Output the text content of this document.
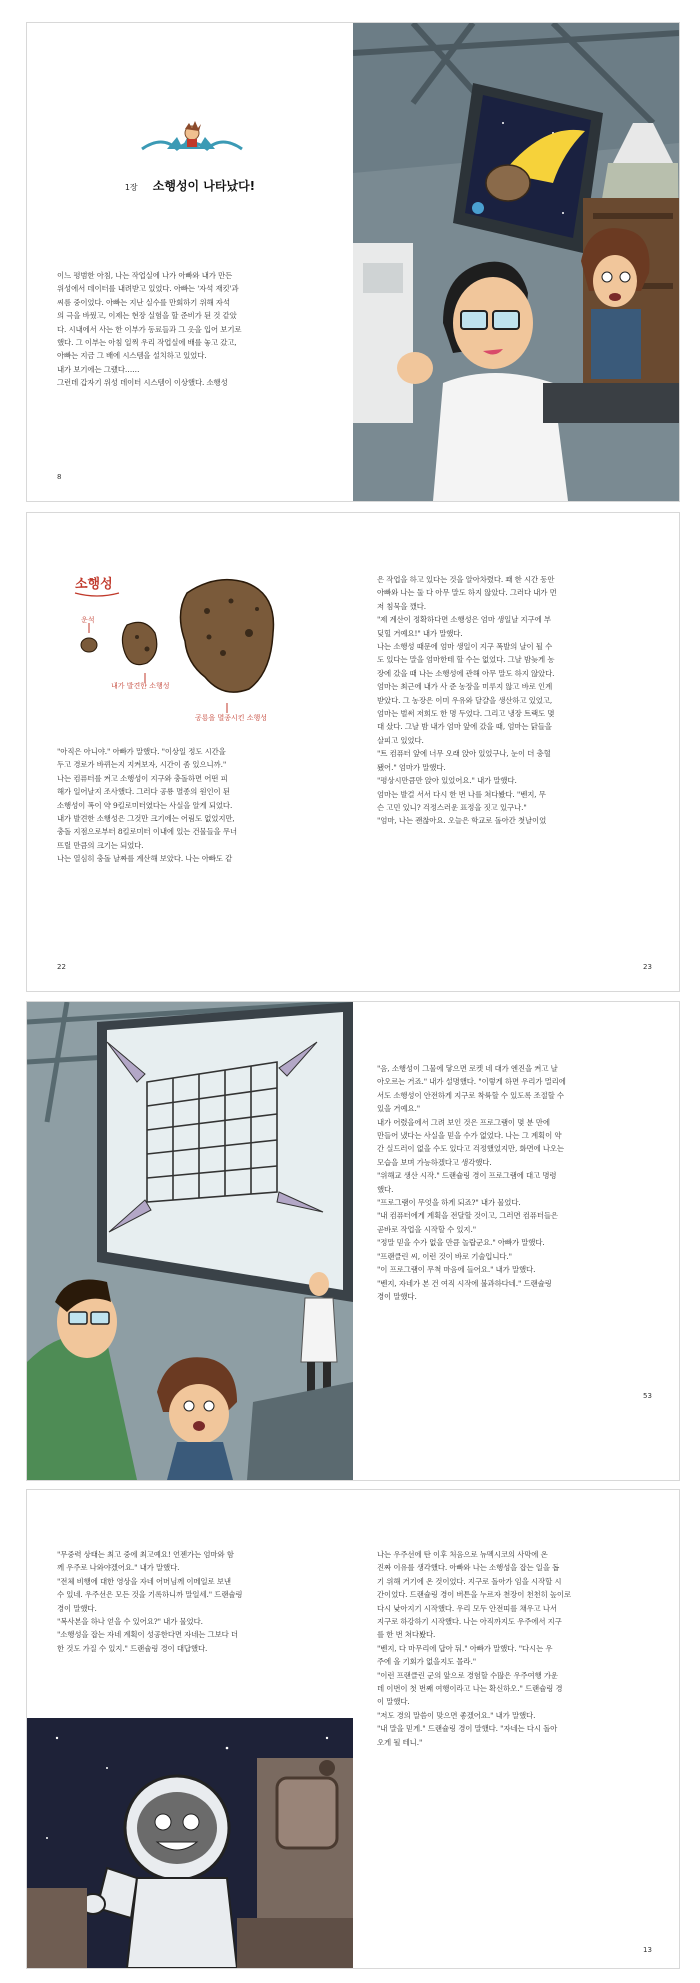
1장 소행성이 나타났다!

이느 평범한 아침, 나는 작업실에 나가 아빠와 내가 만든
위성에서 데이터를 내려받고 있었다. 아빠는 '자석 재킷'과
씨름 중이었다. 아빠는 지난 실수를 만회하기 위해 자석
의 극을 바꿨고, 이제는 현장 실험을 할 준비가 된 것 같았
다. 시내에서 사는 한 이부가 동료들과 그 옷을 입어 보기로
했다. 그 이부는 아침 일찍 우리 작업실에 배를 놓고 갔고,
아빠는 지금 그 배에 시스템을 설치하고 있었다.
내가 보기에는 그랬다……
그런데 갑자기 위성 데이터 시스템이 이상했다. 소행성

8
소행성
운석
내가 발견한 소행성
공룡을 멸종시킨 소행성

"아직은 아니야." 아빠가 말했다. "이상일 정도 시간을
두고 경로가 바뀌는지 지켜보자, 시간이 좀 있으니까."
나는 컴퓨터를 켜고 소행성이 지구와 충돌하면 어떤 피
해가 일어날지 조사했다. 그러다 공룡 멸종의 원인이 된
소행성이 폭이 약 9킬로미터였다는 사실을 알게 되었다.
내가 발견한 소행성은 그것만 크기에는 어림도 없었지만,
충돌 지점으로부터 8킬로미터 이내에 있는 건물들을 무너
뜨릴 만큼의 크기는 되었다.
나는 열심히 충돌 날짜를 계산해 보았다. 나는 아빠도 같

22

은 작업을 하고 있다는 것을 알아차렸다. 꽤 한 시간 동안
아빠와 나는 둘 다 아무 말도 하지 않았다. 그러다 내가 먼
저 침묵을 깼다.
"제 계산이 정확하다면 소행성은 엄마 생일날 지구에 부
딪힐 거예요!" 내가 말했다.
나는 소행성 때문에 엄마 생일이 지구 폭발의 날이 될 수
도 있다는 말을 엄마한테 할 수는 없었다. 그날 밤늦게 농
장에 갔을 때 나는 소행성에 관해 아무 말도 하지 않았다.
엄마는 최근에 내가 사 준 농장을 미루지 않고 바로 인계
받았다. 그 농장은 이미 우유와 달걀을 생산하고 있었고,
엄마는 벌써 저희도 한 명 두었다. 그리고 냉장 트랙도 몇
대 샀다. 그날 밤 내가 엄마 앞에 갔을 때, 엄마는 닭들을
살피고 있었다.
"트 컴퓨터 앞에 너무 오래 앉아 있었구나, 눈이 더 충혈
됐어." 엄마가 말했다.
"평상시만큼만 앉아 있었어요." 내가 말했다.
엄마는 발걸 서서 다시 한 번 나를 쳐다봤다. "벤지, 무
슨 고민 있니? 걱정스러운 표정을 짓고 있구나."
"엄마, 나는 괜찮아요. 오늘은 학교로 돌아간 첫날이었

23

"음, 소행성이 그물에 닿으면 로켓 네 대가 엔진을 켜고 날
아오르는 거죠." 내가 설명했다. "이렇게 하면 우리가 멀리에
서도 소행성이 안전하게 지구로 착륙할 수 있도록 조절할 수
있을 거예요."
내가 어렸을에서 그려 보인 것은 프로그램이 몇 분 만에
만들어 냈다는 사실을 믿을 수가 없었다. 나는 그 계획이 약
간 실드러이 없을 수도 있다고 걱정했었지만, 화면에 나오는
모습을 보며 가능하겠다고 생각했다.
"위해교 생산 시작." 드랜슐링 경이 프로그램에 대고 명령
했다.
"프로그램이 무엇을 하게 되죠?" 내가 물었다.
"내 컴퓨터에게 계획을 전달할 것이고, 그러면 컴퓨터들은
곧바로 작업을 시작할 수 있지."
"정말 믿을 수가 없을 만큼 놀랍군요." 아빠가 말했다.
"프랜클린 씨, 이런 것이 바로 기술입니다."
"이 프로그램이 무척 마음에 들어요." 내가 말했다.
"벤지, 자네가 본 건 여직 시작에 불과하다네." 드랜슐링
경이 말했다.

53

"무중력 상태는 최고 중에 최고예요! 언젠가는 엄마와 함
께 우주로 나와야겠어요." 내가 말했다.
"전체 비행에 대한 영상을 자네 어머님께 이메일로 보낸
수 있네. 우주선은 모든 것을 기록하니까 말일세." 드랜슐링
경이 말했다.
"복사본을 하나 얻을 수 있어요?" 내가 물었다.
"소행성을 잡는 자네 계획이 성공한다면 자네는 그보다 더
한 것도 가질 수 있지." 드랜슐링 경이 대답했다.

나는 우주선에 탄 이후 처음으로 뉴멕시코의 사막에 온
진짜 이유를 생각했다. 아빠와 나는 소행성을 잡는 일을 돕
기 위해 거기에 온 것이었다. 지구로 돌아가 임을 시작할 시
간이었다. 드랜슐링 경이 버튼을 누르자 천장이 천천히 높이로
다시 낮아지기 시작했다. 우리 모두 안전띠를 채우고 나서
지구로 하강하기 시작했다. 나는 아직까지도 우주에서 지구
를 한 번 쳐다봤다.
"벤지, 다 마무리에 답아 둬." 아빠가 말했다. "다시는 우
주에 올 기회가 없을지도 몰라."
"이런 프랜클린 군의 앞으로 경험할 수많은 우주여행 가운
데 이번이 첫 번째 여행이라고 나는 확신하오." 드랜슐링 경
이 말했다.
"저도 경의 말씀이 맞으면 좋겠어요." 내가 말했다.
"내 말을 믿게." 드랜슐링 경이 말했다. "자네는 다시 돌아
오게 될 테니."

13
